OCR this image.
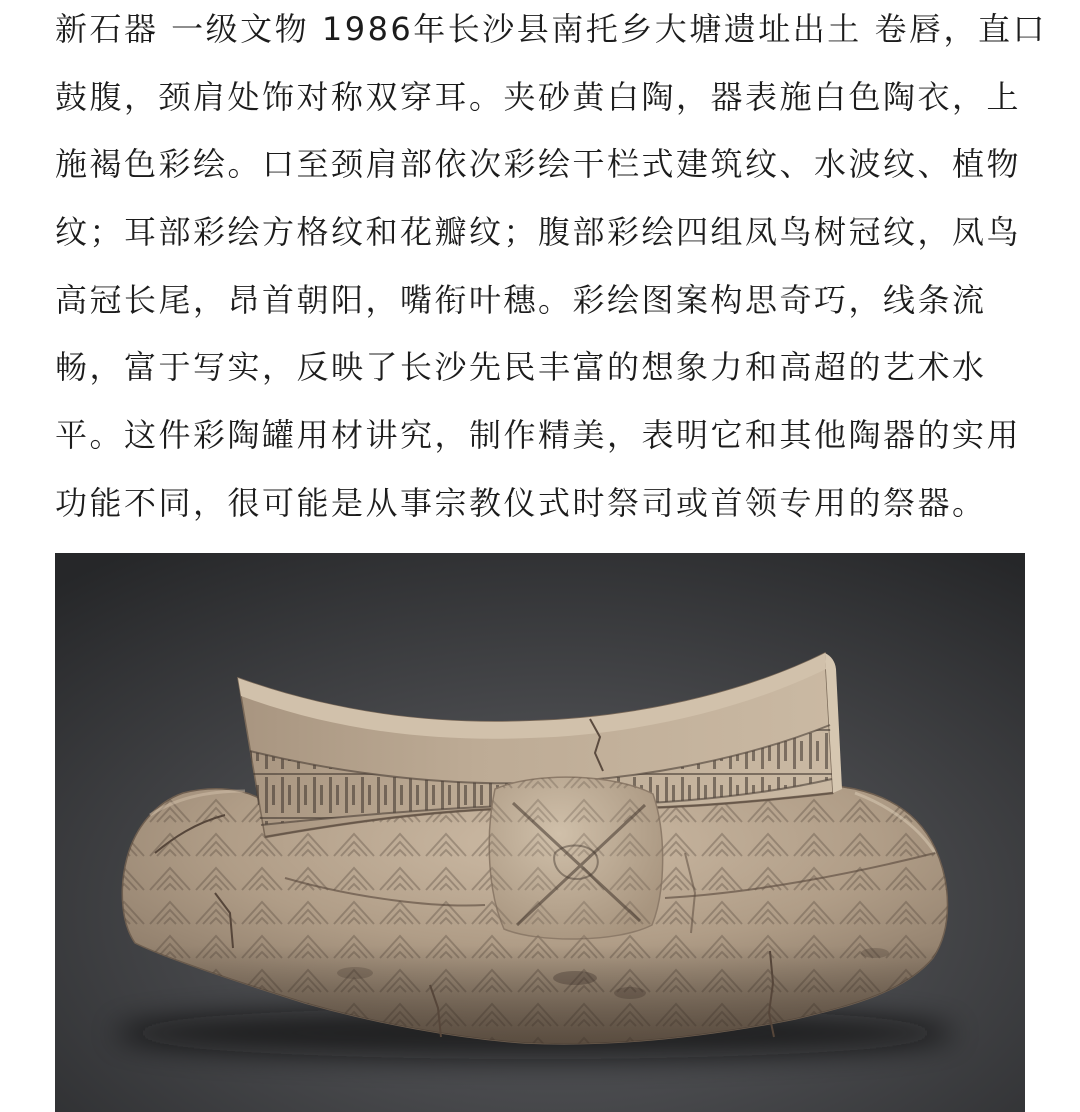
新石器 一级文物 1986年长沙县南托乡大塘遗址出土 卷唇，直口
鼓腹，颈肩处饰对称双穿耳。夹砂黄白陶，器表施白色陶衣，上
施褐色彩绘。口至颈肩部依次彩绘干栏式建筑纹、水波纹、植物
纹；耳部彩绘方格纹和花瓣纹；腹部彩绘四组凤鸟树冠纹，凤鸟
高冠长尾，昂首朝阳，嘴衔叶穗。彩绘图案构思奇巧，线条流
畅，富于写实，反映了长沙先民丰富的想象力和高超的艺术水
平。这件彩陶罐用材讲究，制作精美，表明它和其他陶器的实用
功能不同，很可能是从事宗教仪式时祭司或首领专用的祭器。
